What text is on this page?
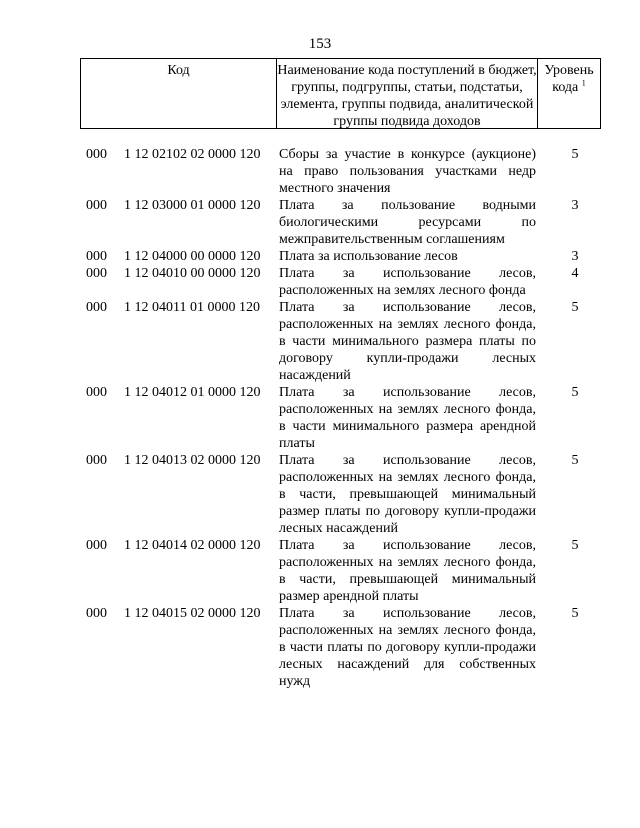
153
Код	Наименование кода поступлений в бюджет, группы, подгруппы, статьи, подстатьи, элемента, группы подвида, аналитической группы подвида доходов
Уровень кода $^1$
000 1 12 02102 02 0000 120 Сборы за участие в конкурсе (аукционе) на право пользования участками недр местного значения
5
000 1 12 03000 01 0000 120 Плата за пользование водными биологическими ресурсами по межправительственным соглашениям
3
000 1 12 04000 00 0000 120 Плата за использование лесов	3
000 1 12 04010 00 0000 120 Плата за использование лесов, расположенных на землях лесного фонда
4
000 1 12 04011 01 0000 120 Плата за использование лесов, расположенных на землях лесного фонда, в части минимального размера платы по договору купли-продажи лесных насаждений
5
000 1 12 04012 01 0000 120 Плата за использование лесов, расположенных на землях лесного фонда, в части минимального размера арендной платы
5
000 1 12 04013 02 0000 120 Плата за использование лесов, расположенных на землях лесного фонда, в части, превышающей минимальный размер платы по договору купли-продажи лесных насаждений
5
000 1 12 04014 02 0000 120 Плата за использование лесов, расположенных на землях лесного фонда, в части, превышающей минимальный размер арендной платы
5
000 1 12 04015 02 0000 120 Плата за использование лесов, расположенных на землях лесного фонда, в части платы по договору купли-продажи лесных насаждений для собственных нужд
5
